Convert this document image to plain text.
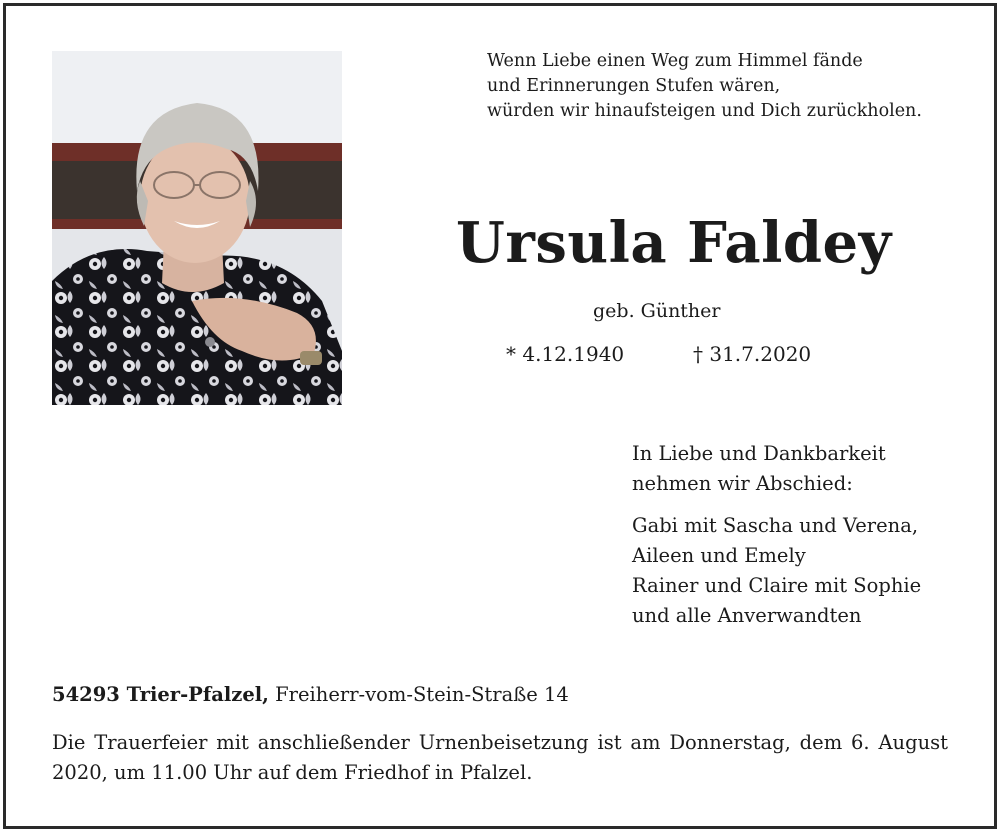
Wenn Liebe einen Weg zum Himmel fände
und Erinnerungen Stufen wären,
würden wir hinaufsteigen und Dich zurückholen.
Ursula Faldey
geb. Günther
* 4.12.1940	† 31.7.2020
In Liebe und Dankbarkeit
nehmen wir Abschied:
Gabi mit Sascha und Verena,
Aileen und Emely
Rainer und Claire mit Sophie
und alle Anverwandten
54293 Trier-Pfalzel, Freiherr-vom-Stein-Straße 14
Die Trauerfeier mit anschließender Urnenbeisetzung ist am Donnerstag, dem 6. August 2020, um 11.00 Uhr auf dem Friedhof in Pfalzel.
